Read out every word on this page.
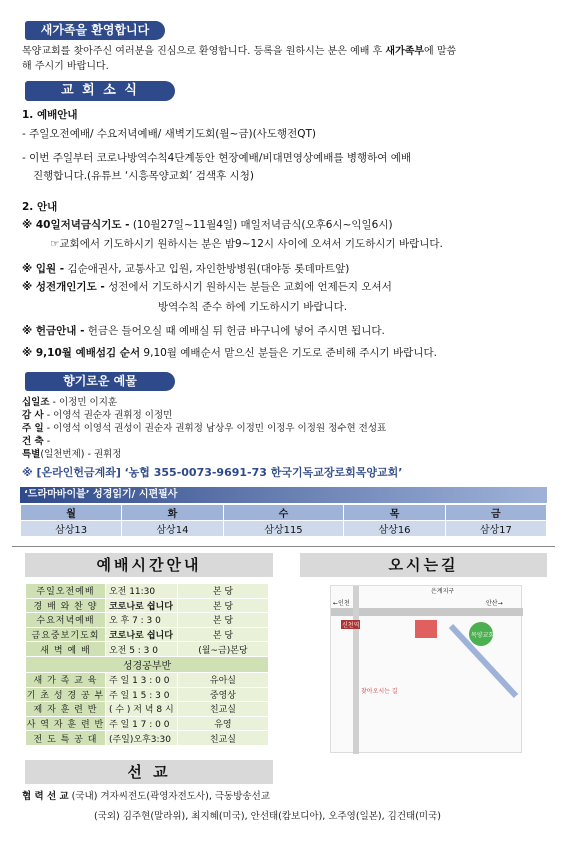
새가족을 환영합니다
목양교회를 찾아주신 여러분을 진심으로 환영합니다. 등록을 원하시는 분은 예배 후 새가족부에 말씀
해 주시기 바랍니다.
교 회 소 식
1. 예배안내
- 주일오전예배/ 수요저녁예배/ 새벽기도회(월~금)(사도행전QT)
- 이번 주일부터 코로나방역수칙4단계동안 현장예배/비대면영상예배를 병행하여 예배
진행합니다.(유튜브 ‘시흥목양교회’ 검색후 시청)
2. 안내
※ 40일저녁금식기도 - (10월27일~11월4일) 매일저녁금식(오후6시~익일6시)
☞교회에서 기도하시기 원하시는 분은 밤9~12시 사이에 오셔서 기도하시기 바랍니다.
※ 입원 - 김순애권사, 교통사고 입원, 자인한방병원(대야동 롯데마트앞)
※ 성전개인기도 - 성전에서 기도하시기 원하시는 분들은 교회에 언제든지 오셔서
방역수칙 준수 하에 기도하시기 바랍니다.
※ 헌금안내 - 헌금은 들어오실 때 예배실 뒤 헌금 바구니에 넣어 주시면 됩니다.
※ 9,10월 예배섬김 순서 9,10월 예배순서 맡으신 분들은 기도로 준비해 주시기 바랍니다.
향기로운 예물
십일조 - 이정민 이지훈
감 사 - 이영석 권순자 권휘정 이정민
주 일 - 이영석 이영석 권성이 권순자 권휘정 남상우 이정민 이정우 이정원 정수현 전성표
건 축 -
특별(일천번제) - 권휘정
※ [온라인헌금계좌] ‘농협 355-0073-9691-73 한국기독교장로회목양교회’
‘드라마바이블’ 성경읽기/ 시편필사
월	화	수	목	금
삼상13	삼상14	삼상115	삼상16	삼상17
예배시간안내
주일오전예배	오전 11:30	본 당
경 배 와 찬 양	코로나로 쉽니다	본 당
수요저녁예배	오 후 7 : 3 0	본 당
금요중보기도회	코로나로 쉽니다	본 당
새 벽 예 배	오전 5 : 3 0	(월~금)본당
성경공부반		
새 가 족 교 육	주 일 1 3 : 0 0	유아실
기 초 성 경 공 부	주 일 1 5 : 3 0	중영상
제 자 훈 련 반	( 수 ) 저 녁 8 시	친교실
사 역 자 훈 련 반	주 일 1 7 : 0 0	유영
전 도 특 공 대	(주일)오후3:30	친교실
오시는길
은계지구
←인천	안산→
신천역
목양교회
찾아오시는 길
선 교
협 력 선 교 (국내) 겨자씨전도(곽영자전도사), 극동방송선교
(국외) 김주현(말라위), 최지혜(미국), 안선태(캄보디아), 오주영(일본), 김건태(미국)
